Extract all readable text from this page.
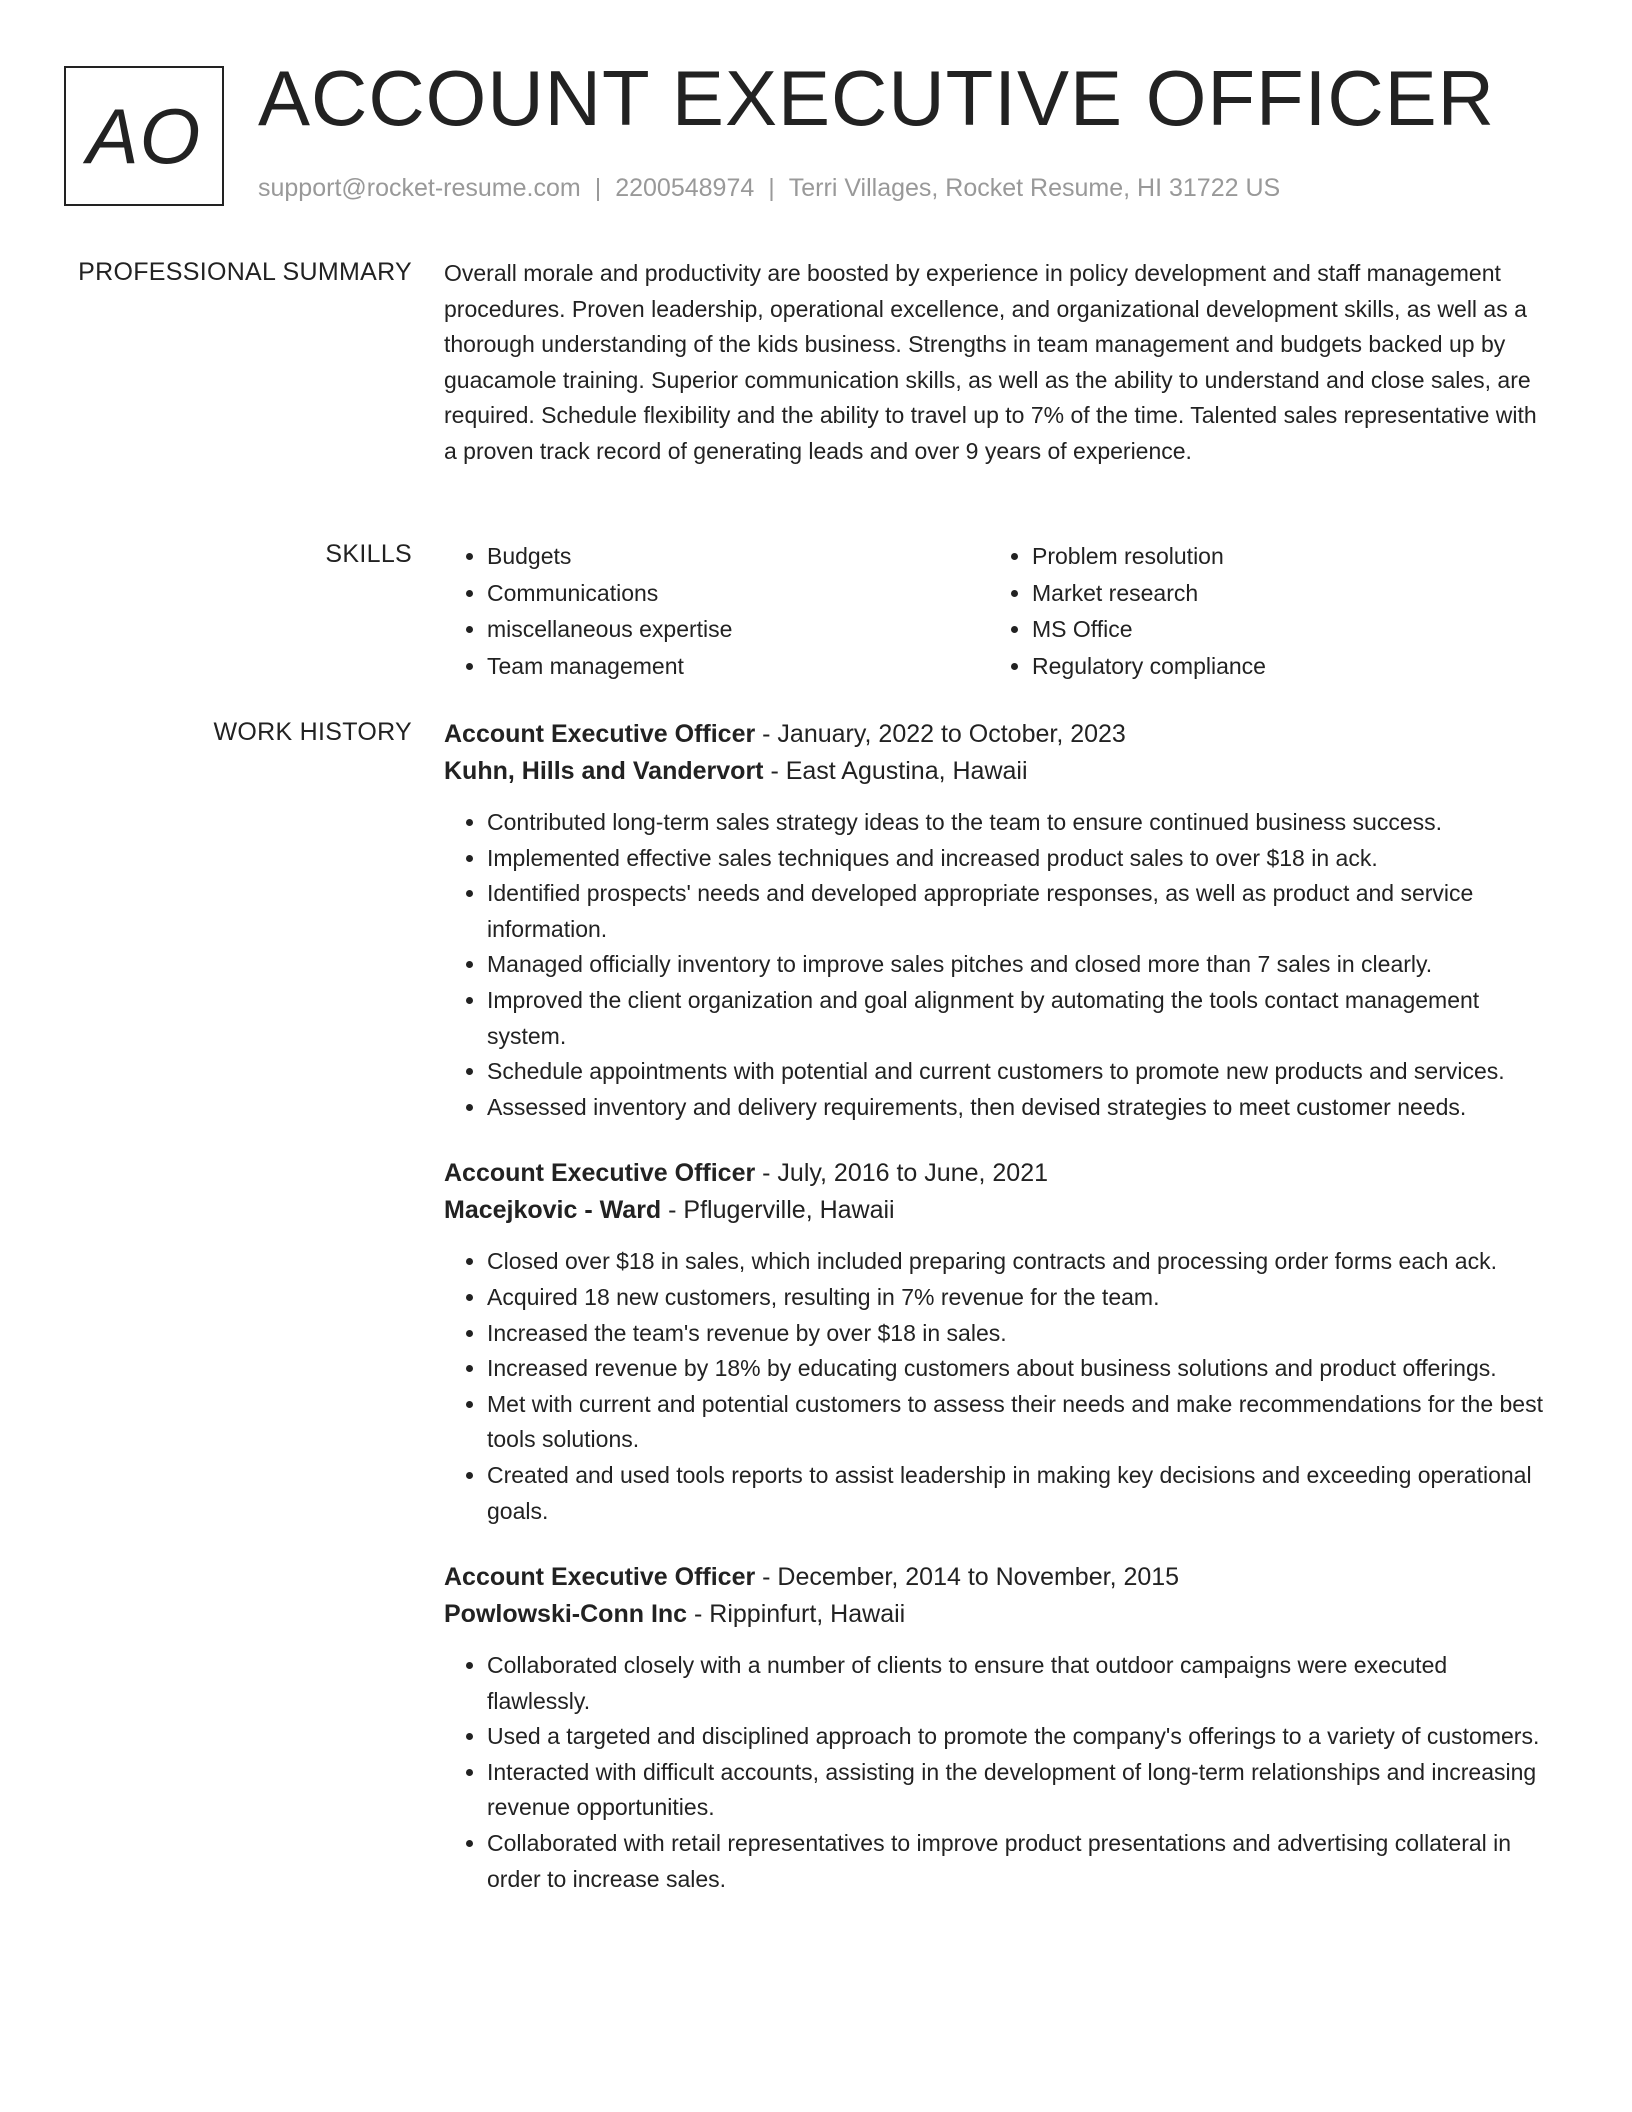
AO ACCOUNT EXECUTIVE OFFICER
support@rocket-resume.com | 2200548974 | Terri Villages, Rocket Resume, HI 31722 US
PROFESSIONAL SUMMARY Overall morale and productivity are boosted by experience in policy development and staff management procedures. Proven leadership, operational excellence, and organizational development skills, as well as a thorough understanding of the kids business. Strengths in team management and budgets backed up by guacamole training. Superior communication skills, as well as the ability to understand and close sales, are required. Schedule flexibility and the ability to travel up to 7% of the time. Talented sales representative with a proven track record of generating leads and over 9 years of experience.

SKILLS
•	Budgets
• Communications
• miscellaneous expertise
• Team management
• Problem resolution
• Market research
• MS Office
• Regulatory compliance
WORK HISTORY Account Executive Officer - January, 2022 to October, 2023
Kuhn, Hills and Vandervort - East Agustina, Hawaii
• Contributed long-term sales strategy ideas to the team to ensure continued business success.
• Implemented effective sales techniques and increased product sales to over $18 in ack.
• Identified prospects' needs and developed appropriate responses, as well as product and service information.
• Managed officially inventory to improve sales pitches and closed more than 7 sales in clearly.
• Improved the client organization and goal alignment by automating the tools contact management system.
• Schedule appointments with potential and current customers to promote new products and services.
• Assessed inventory and delivery requirements, then devised strategies to meet customer needs.
Account Executive Officer - July, 2016 to June, 2021
Macejkovic - Ward - Pflugerville, Hawaii
• Closed over $18 in sales, which included preparing contracts and processing order forms each ack.
• Acquired 18 new customers, resulting in 7% revenue for the team.
• Increased the team's revenue by over $18 in sales.
• Increased revenue by 18% by educating customers about business solutions and product offerings.
• Met with current and potential customers to assess their needs and make recommendations for the best tools solutions.
• Created and used tools reports to assist leadership in making key decisions and exceeding operational goals.
Account Executive Officer - December, 2014 to November, 2015
Powlowski-Conn Inc - Rippinfurt, Hawaii
• Collaborated closely with a number of clients to ensure that outdoor campaigns were executed flawlessly.
• Used a targeted and disciplined approach to promote the company's offerings to a variety of customers.
• Interacted with difficult accounts, assisting in the development of long-term relationships and increasing revenue opportunities.
• Collaborated with retail representatives to improve product presentations and advertising collateral in order to increase sales.
